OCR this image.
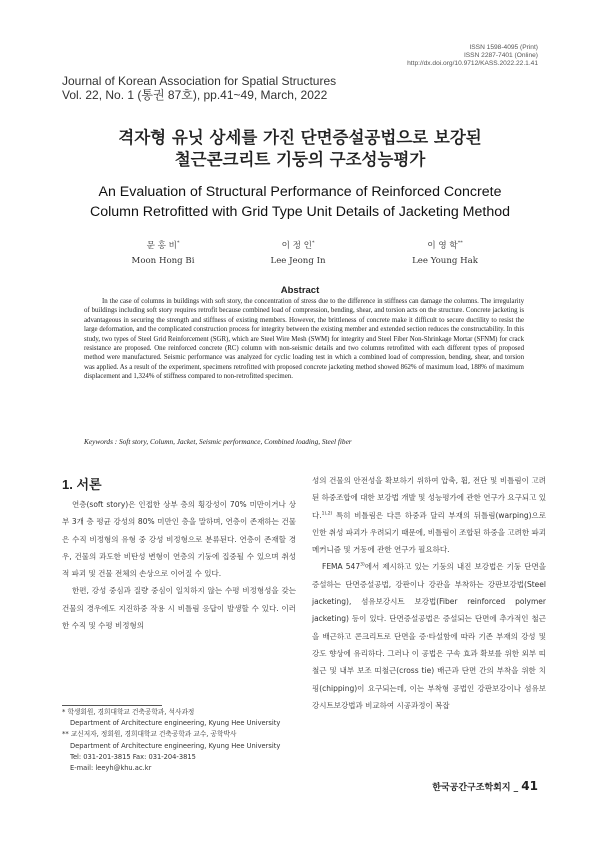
ISSN 1598-4095 (Print)
ISSN 2287-7401 (Online)
http://dx.doi.org/10.9712/KASS.2022.22.1.41
Journal of Korean Association for Spatial Structures
Vol. 22, No. 1 (통권 87호), pp.41~49, March, 2022
격자형 유닛 상세를 가진 단면증설공법으로 보강된
철근콘크리트 기둥의 구조성능평가
An Evaluation of Structural Performance of Reinforced Concrete
Column Retrofitted with Grid Type Unit Details of Jacketing Method
문 홍 비*
Moon Hong Bi
이 정 인*
Lee Jeong In
이 영 학**
Lee Young Hak
Abstract
In the case of columns in buildings with soft story, the concentration of stress due to the difference in stiffness can damage the columns. The irregularity of buildings including soft story requires retrofit because combined load of compression, bending, shear, and torsion acts on the structure. Concrete jacketing is advantageous in securing the strength and stiffness of existing members. However, the brittleness of concrete make it difficult to secure ductility to resist the large deformation, and the complicated construction process for integrity between the existing member and extended section reduces the constructability. In this study, two types of Steel Grid Reinforcement (SGR), which are Steel Wire Mesh (SWM) for integrity and Steel Fiber Non-Shrinkage Mortar (SFNM) for crack resistance are proposed. One reinforced concrete (RC) column with non-seismic details and two columns retrofitted with each different types of proposed method were manufactured. Seismic performance was analyzed for cyclic loading test in which a combined load of compression, bending, shear, and torsion was applied. As a result of the experiment, specimens retrofitted with proposed concrete jacketing method showed 862% of maximum load, 188% of maximum displacement and 1,324% of stiffness compared to non-retrofitted specimen.
Keywords : Soft story, Column, Jacket, Seismic performance, Combined loading, Steel fiber
1. 서론

연층(soft story)은 인접한 상부 층의 횡강성이 70% 미만이거나 상부 3개 층 평균 강성의 80% 미만인 층을 말하며, 연층이 존재하는 건물은 수직 비정형의 유형 중 강성 비정형으로 분류된다. 연층이 존재할 경우, 건물의 과도한 비탄성 변형이 연층의 기둥에 집중될 수 있으며 취성적 파괴 및 건물 전체의 손상으로 이어질 수 있다.

한편, 강성 중심과 질량 중심이 일치하지 않는 수평 비정형성을 갖는 건물의 경우에도 지진하중 작용 시 비틀림 응답이 발생할 수 있다. 이러한 수직 및 수평 비정형의

* 학생회원, 경희대학교 건축공학과, 석사과정
Department of Architecture engineering, Kyung Hee University
** 교신저자, 정회원, 경희대학교 건축공학과 교수, 공학박사
Department of Architecture engineering, Kyung Hee University
Tel: 031-201-3815 Fax: 031-204-3815
E-mail: leeyh@khu.ac.kr

성의 건물의 안전성을 확보하기 위하여 압축, 휨, 전단 및 비틀림이 고려된 하중조합에 대한 보강법 개발 및 성능평가에 관한 연구가 요구되고 있다.$^{1),2)}$ 특히 비틀림은 다른 하중과 달리 부재의 뒤틀림(warping)으로 인한 취성 파괴가 우려되기 때문에, 비틀림이 조합된 하중을 고려한 파괴 메커니즘 및 거동에 관한 연구가 필요하다.

FEMA 547$^{3)}$에서 제시하고 있는 기둥의 내진 보강법은 기둥 단면을 증설하는 단면증설공법, 강판이나 강관을 부착하는 강판보강법(Steel jacketing), 섬유보강시트 보강법(Fiber reinforced polymer jacketing) 등이 있다. 단면증설공법은 증설되는 단면에 추가적인 철근을 배근하고 콘크리트로 단면을 증·타설함에 따라 기존 부재의 강성 및 강도 향상에 유리하다. 그러나 이 공법은 구속 효과 확보를 위한 외부 띠철근 및 내부 보조 띠철근(cross tie) 배근과 단면 간의 부착을 위한 치핑(chipping)이 요구되는데, 이는 부착형 공법인 강판보강이나 섬유보강시트보강법과 비교하여 시공과정이 복잡

한국공간구조학회지 _ 41
